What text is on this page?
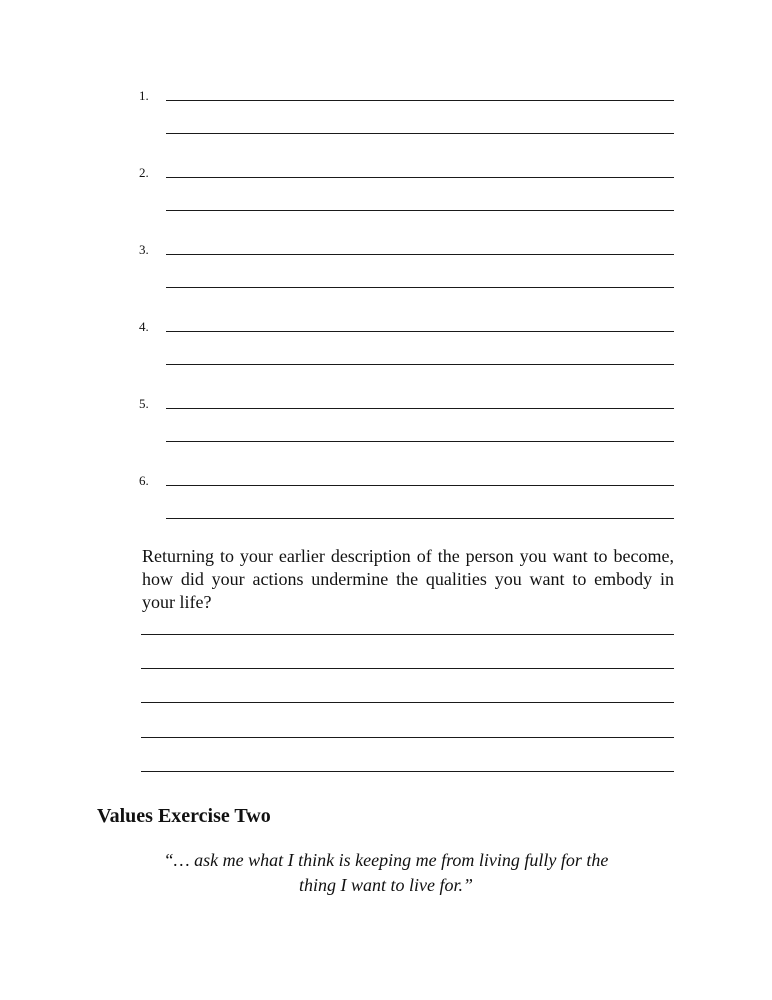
1.
2.
3.
4.
5.
6.

Returning to your earlier description of the person you want to become, how did your actions undermine the qualities you want to embody in your life?

Values Exercise Two
“… ask me what I think is keeping me from living fully for the
thing I want to live for.”
